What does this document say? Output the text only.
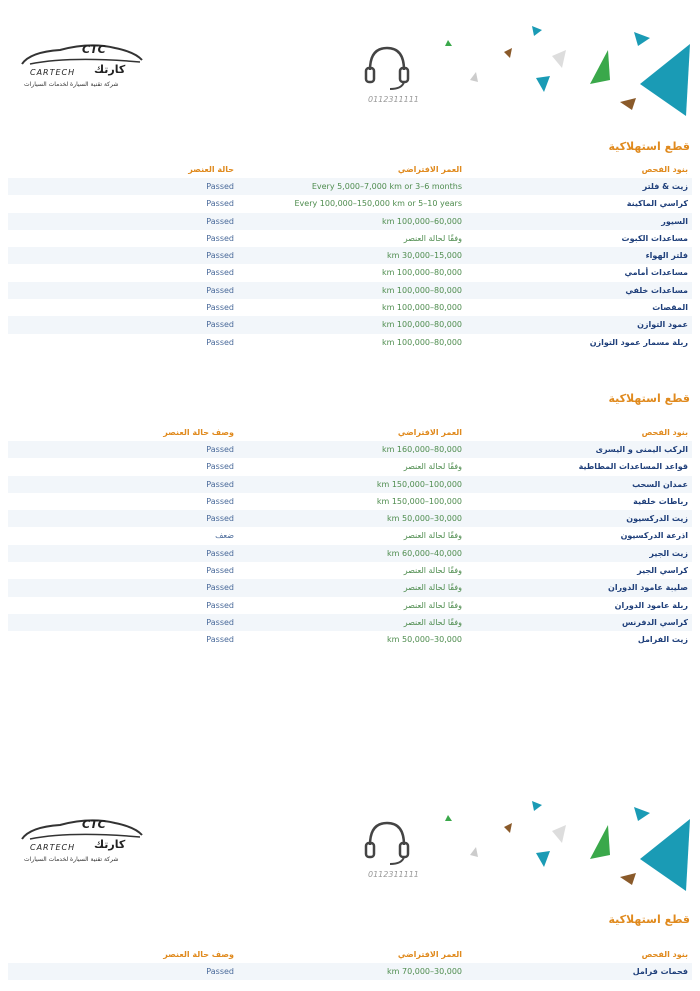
CTC
CARTECH كارتك
شركة تقنية السيارة لخدمات السيارات
0112311111
قطع استهلاكية
بنود الفحص
العمر الافتراضي
حالة العنصر
زيت & فلتر
Every 5,000–7,000 km or 3–6 months
Passed
كراسي الماكينة
Every 100,000–150,000 km or 5–10 years
Passed
السيور
km 100,000–60,000
Passed
مساعدات الكبوت
وفقًا لحالة العنصر
Passed
فلتر الهواء
km 30,000–15,000
Passed
مساعدات أمامي
km 100,000–80,000
Passed
مساعدات خلفي
km 100,000–80,000
Passed
المقصات
km 100,000–80,000
Passed
عمود التوازن
km 100,000–80,000
Passed
ربلة مسمار عمود التوازن
km 100,000–80,000
Passed
قطع استهلاكية
بنود الفحص
العمر الافتراضي
وصف حالة العنصر
الركب اليمنى و اليسرى
km 160,000–80,000
Passed
قواعد المساعدات المطاطية
وفقًا لحالة العنصر
Passed
عمدان السحب
km 150,000–100,000
Passed
رباطات خلفية
km 150,000–100,000
Passed
زيت الدركسيون
km 50,000–30,000
Passed
اذرعة الدركسيون
وفقًا لحالة العنصر
ضعف
زيت الجير
km 60,000–40,000
Passed
كراسي الجير
وفقًا لحالة العنصر
Passed
صليبة عامود الدوران
وفقًا لحالة العنصر
Passed
ربلة عامود الدوران
وفقًا لحالة العنصر
Passed
كراسي الدفرنس
وفقًا لحالة العنصر
Passed
زيت الفرامل
km 50,000–30,000
Passed
CTC
CARTECH كارتك
شركة تقنية السيارة لخدمات السيارات
0112311111
قطع استهلاكية
بنود الفحص
العمر الافتراضي
وصف حالة العنصر
فحمات فرامل
km 70,000–30,000
Passed
